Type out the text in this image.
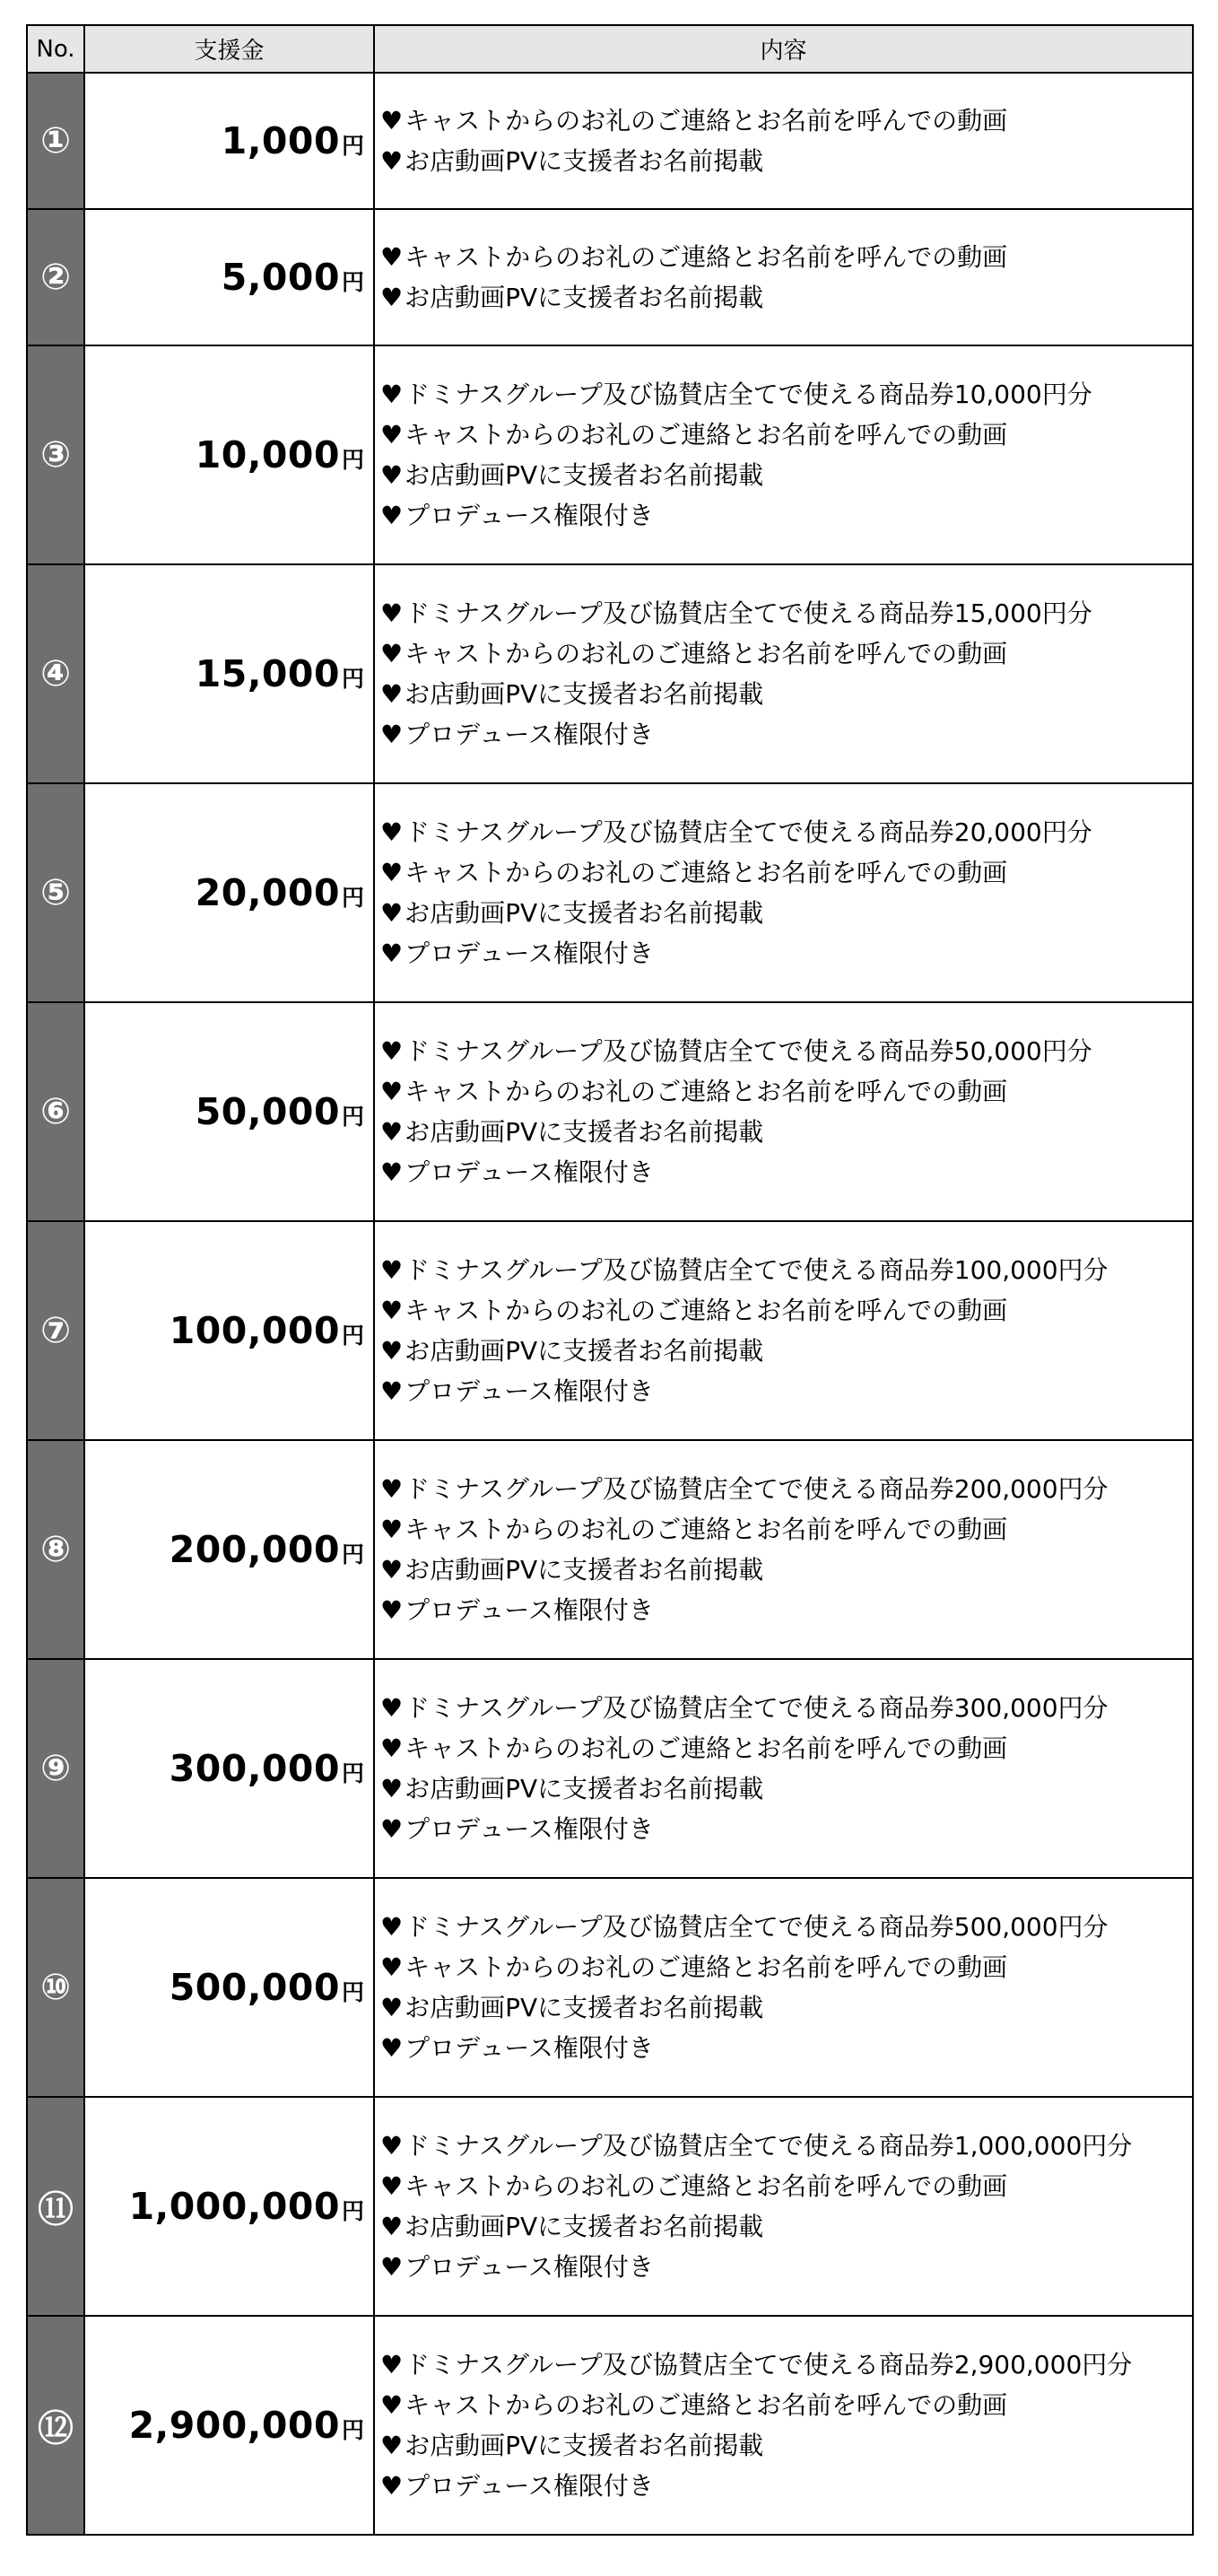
No.	支援金	内容
①	1,000円	♥キャストからのお礼のご連絡とお名前を呼んでの動画
♥お店動画PVに支援者お名前掲載

②	5,000円	♥キャストからのお礼のご連絡とお名前を呼んでの動画
♥お店動画PVに支援者お名前掲載

③	10,000円	♥ドミナスグループ及び協賛店全てで使える商品券10,000円分
♥キャストからのお礼のご連絡とお名前を呼んでの動画
♥お店動画PVに支援者お名前掲載
♥プロデュース権限付き

④	15,000円	♥ドミナスグループ及び協賛店全てで使える商品券15,000円分
♥キャストからのお礼のご連絡とお名前を呼んでの動画
♥お店動画PVに支援者お名前掲載
♥プロデュース権限付き

⑤	20,000円	♥ドミナスグループ及び協賛店全てで使える商品券20,000円分
♥キャストからのお礼のご連絡とお名前を呼んでの動画
♥お店動画PVに支援者お名前掲載
♥プロデュース権限付き

⑥	50,000円	♥ドミナスグループ及び協賛店全てで使える商品券50,000円分
♥キャストからのお礼のご連絡とお名前を呼んでの動画
♥お店動画PVに支援者お名前掲載
♥プロデュース権限付き

⑦	100,000円	♥ドミナスグループ及び協賛店全てで使える商品券100,000円分
♥キャストからのお礼のご連絡とお名前を呼んでの動画
♥お店動画PVに支援者お名前掲載
♥プロデュース権限付き

⑧	200,000円	♥ドミナスグループ及び協賛店全てで使える商品券200,000円分
♥キャストからのお礼のご連絡とお名前を呼んでの動画
♥お店動画PVに支援者お名前掲載
♥プロデュース権限付き

⑨	300,000円	♥ドミナスグループ及び協賛店全てで使える商品券300,000円分
♥キャストからのお礼のご連絡とお名前を呼んでの動画
♥お店動画PVに支援者お名前掲載
♥プロデュース権限付き

⑩	500,000円	♥ドミナスグループ及び協賛店全てで使える商品券500,000円分
♥キャストからのお礼のご連絡とお名前を呼んでの動画
♥お店動画PVに支援者お名前掲載
♥プロデュース権限付き

⑪	1,000,000円	♥ドミナスグループ及び協賛店全てで使える商品券1,000,000円分
♥キャストからのお礼のご連絡とお名前を呼んでの動画
♥お店動画PVに支援者お名前掲載
♥プロデュース権限付き

⑫	2,900,000円	♥ドミナスグループ及び協賛店全てで使える商品券2,900,000円分
♥キャストからのお礼のご連絡とお名前を呼んでの動画
♥お店動画PVに支援者お名前掲載
♥プロデュース権限付き
